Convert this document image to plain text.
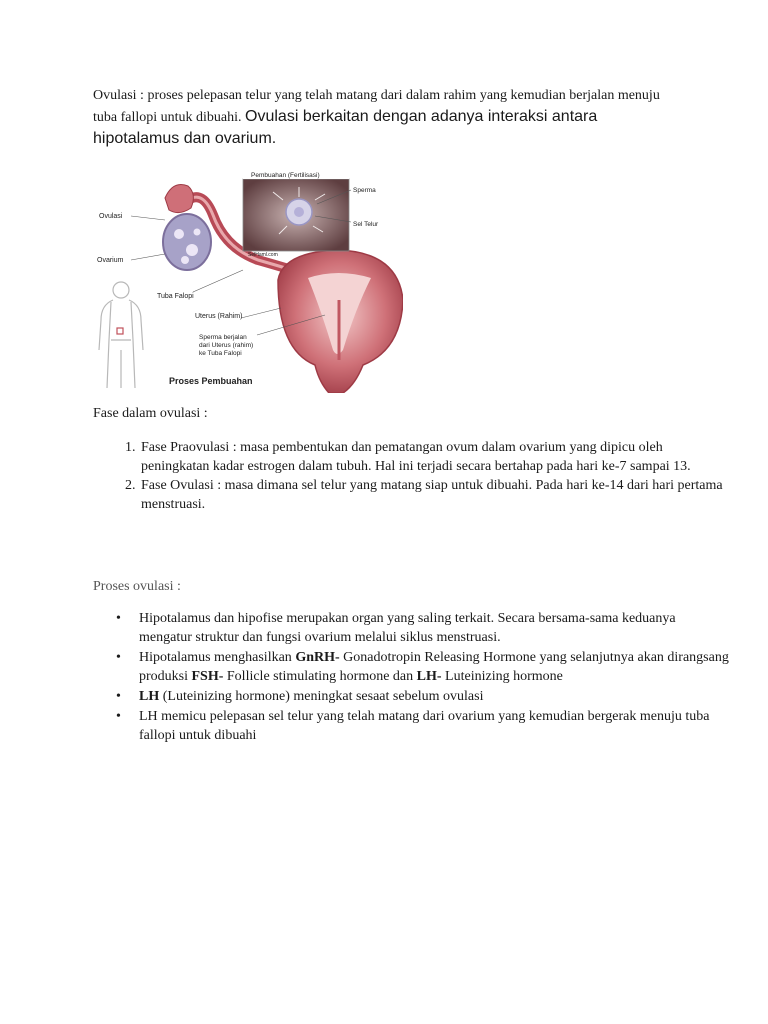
Ovulasi : proses pelepasan telur yang telah matang dari dalam rahim yang kemudian berjalan menuju tuba fallopi untuk dibuahi. Ovulasi berkaitan dengan adanya interaksi antara hipotalamus dan ovarium.

Pembuahan (Fertilisasi)
SelHaml.com
Ovulasi
Ovarium
Tuba Falopi
Uterus (Rahim)
Sperma
Sel Telur
Sperma berjalan
dari Uterus (rahim)
ke Tuba Falopi
Proses Pembuahan

Fase dalam ovulasi :

1. Fase Praovulasi : masa pembentukan dan pematangan ovum dalam ovarium yang dipicu oleh peningkatan kadar estrogen dalam tubuh. Hal ini terjadi secara bertahap pada hari ke-7 sampai 13.
2. Fase Ovulasi : masa dimana sel telur yang matang siap untuk dibuahi. Pada hari ke-14 dari hari pertama menstruasi.

Proses ovulasi :

• Hipotalamus dan hipofise merupakan organ yang saling terkait. Secara bersama-sama keduanya mengatur struktur dan fungsi ovarium melalui siklus menstruasi.
• Hipotalamus menghasilkan GnRH- Gonadotropin Releasing Hormone yang selanjutnya akan dirangsang produksi FSH- Follicle stimulating hormone dan LH- Luteinizing hormone
• LH (Luteinizing hormone) meningkat sesaat sebelum ovulasi
• LH memicu pelepasan sel telur yang telah matang dari ovarium yang kemudian bergerak menuju tuba fallopi untuk dibuahi
